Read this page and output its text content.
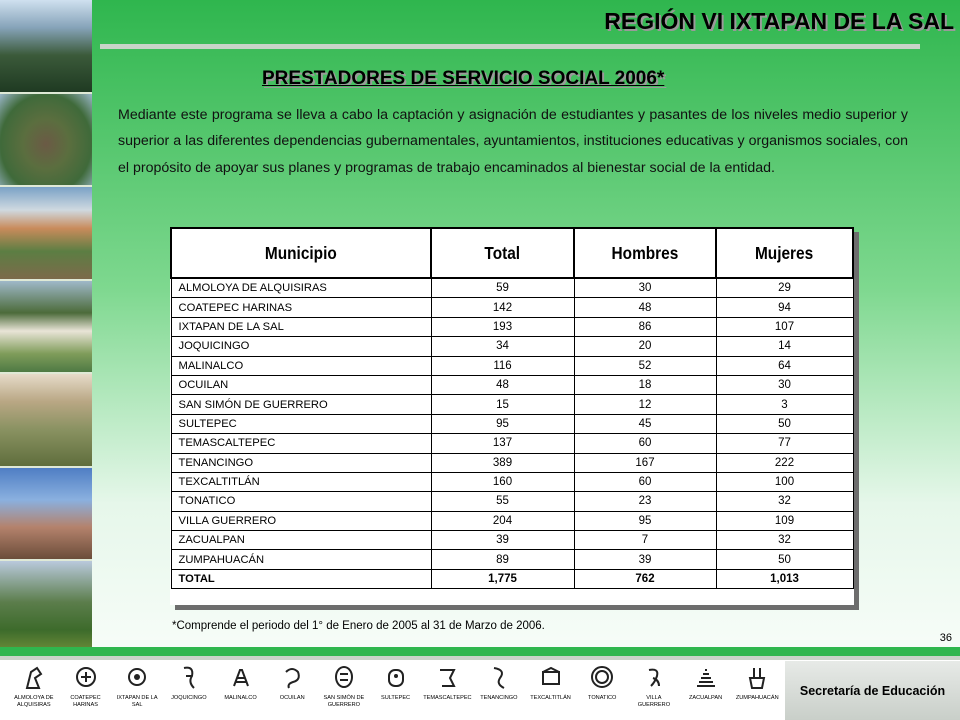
REGIÓN VI IXTAPAN DE LA SAL
PRESTADORES DE SERVICIO SOCIAL 2006*

Mediante este programa se lleva a cabo la captación y asignación de estudiantes y pasantes de los niveles medio superior y superior a las diferentes dependencias gubernamentales, ayuntamientos, instituciones educativas y organismos sociales, con el propósito de apoyar sus planes y programas de trabajo encaminados al bienestar social de la entidad.

Municipio	Total	Hombres	Mujeres
ALMOLOYA DE ALQUISIRAS	59	30	29
COATEPEC HARINAS	142	48	94
IXTAPAN DE LA SAL	193	86	107
JOQUICINGO	34	20	14
MALINALCO	116	52	64
OCUILAN	48	18	30
SAN SIMÓN DE GUERRERO	15	12	3
SULTEPEC	95	45	50
TEMASCALTEPEC	137	60	77
TENANCINGO	389	167	222
TEXCALTITLÁN	160	60	100
TONATICO	55	23	32
VILLA GUERRERO	204	95	109
ZACUALPAN	39	7	32
ZUMPAHUACÁN	89	39	50
TOTAL	1,775	762	1,013

*Comprende el periodo del 1° de Enero de 2005 al 31 de Marzo de 2006.

36
ALMOLOYA DE ALQUISIRAS
COATEPEC HARINAS
IXTAPAN DE LA SAL
JOQUICINGO	MALINALCO	OCUILAN	SAN SIMÓN DE GUERRERO
SULTEPEC	TEMASCALTEPEC	TENANCINGO	TEXCALTITLÁN	TONATICO	VILLA GUERRERO
ZACUALPAN	ZUMPAHUACÁN
Secretaría de Educación
